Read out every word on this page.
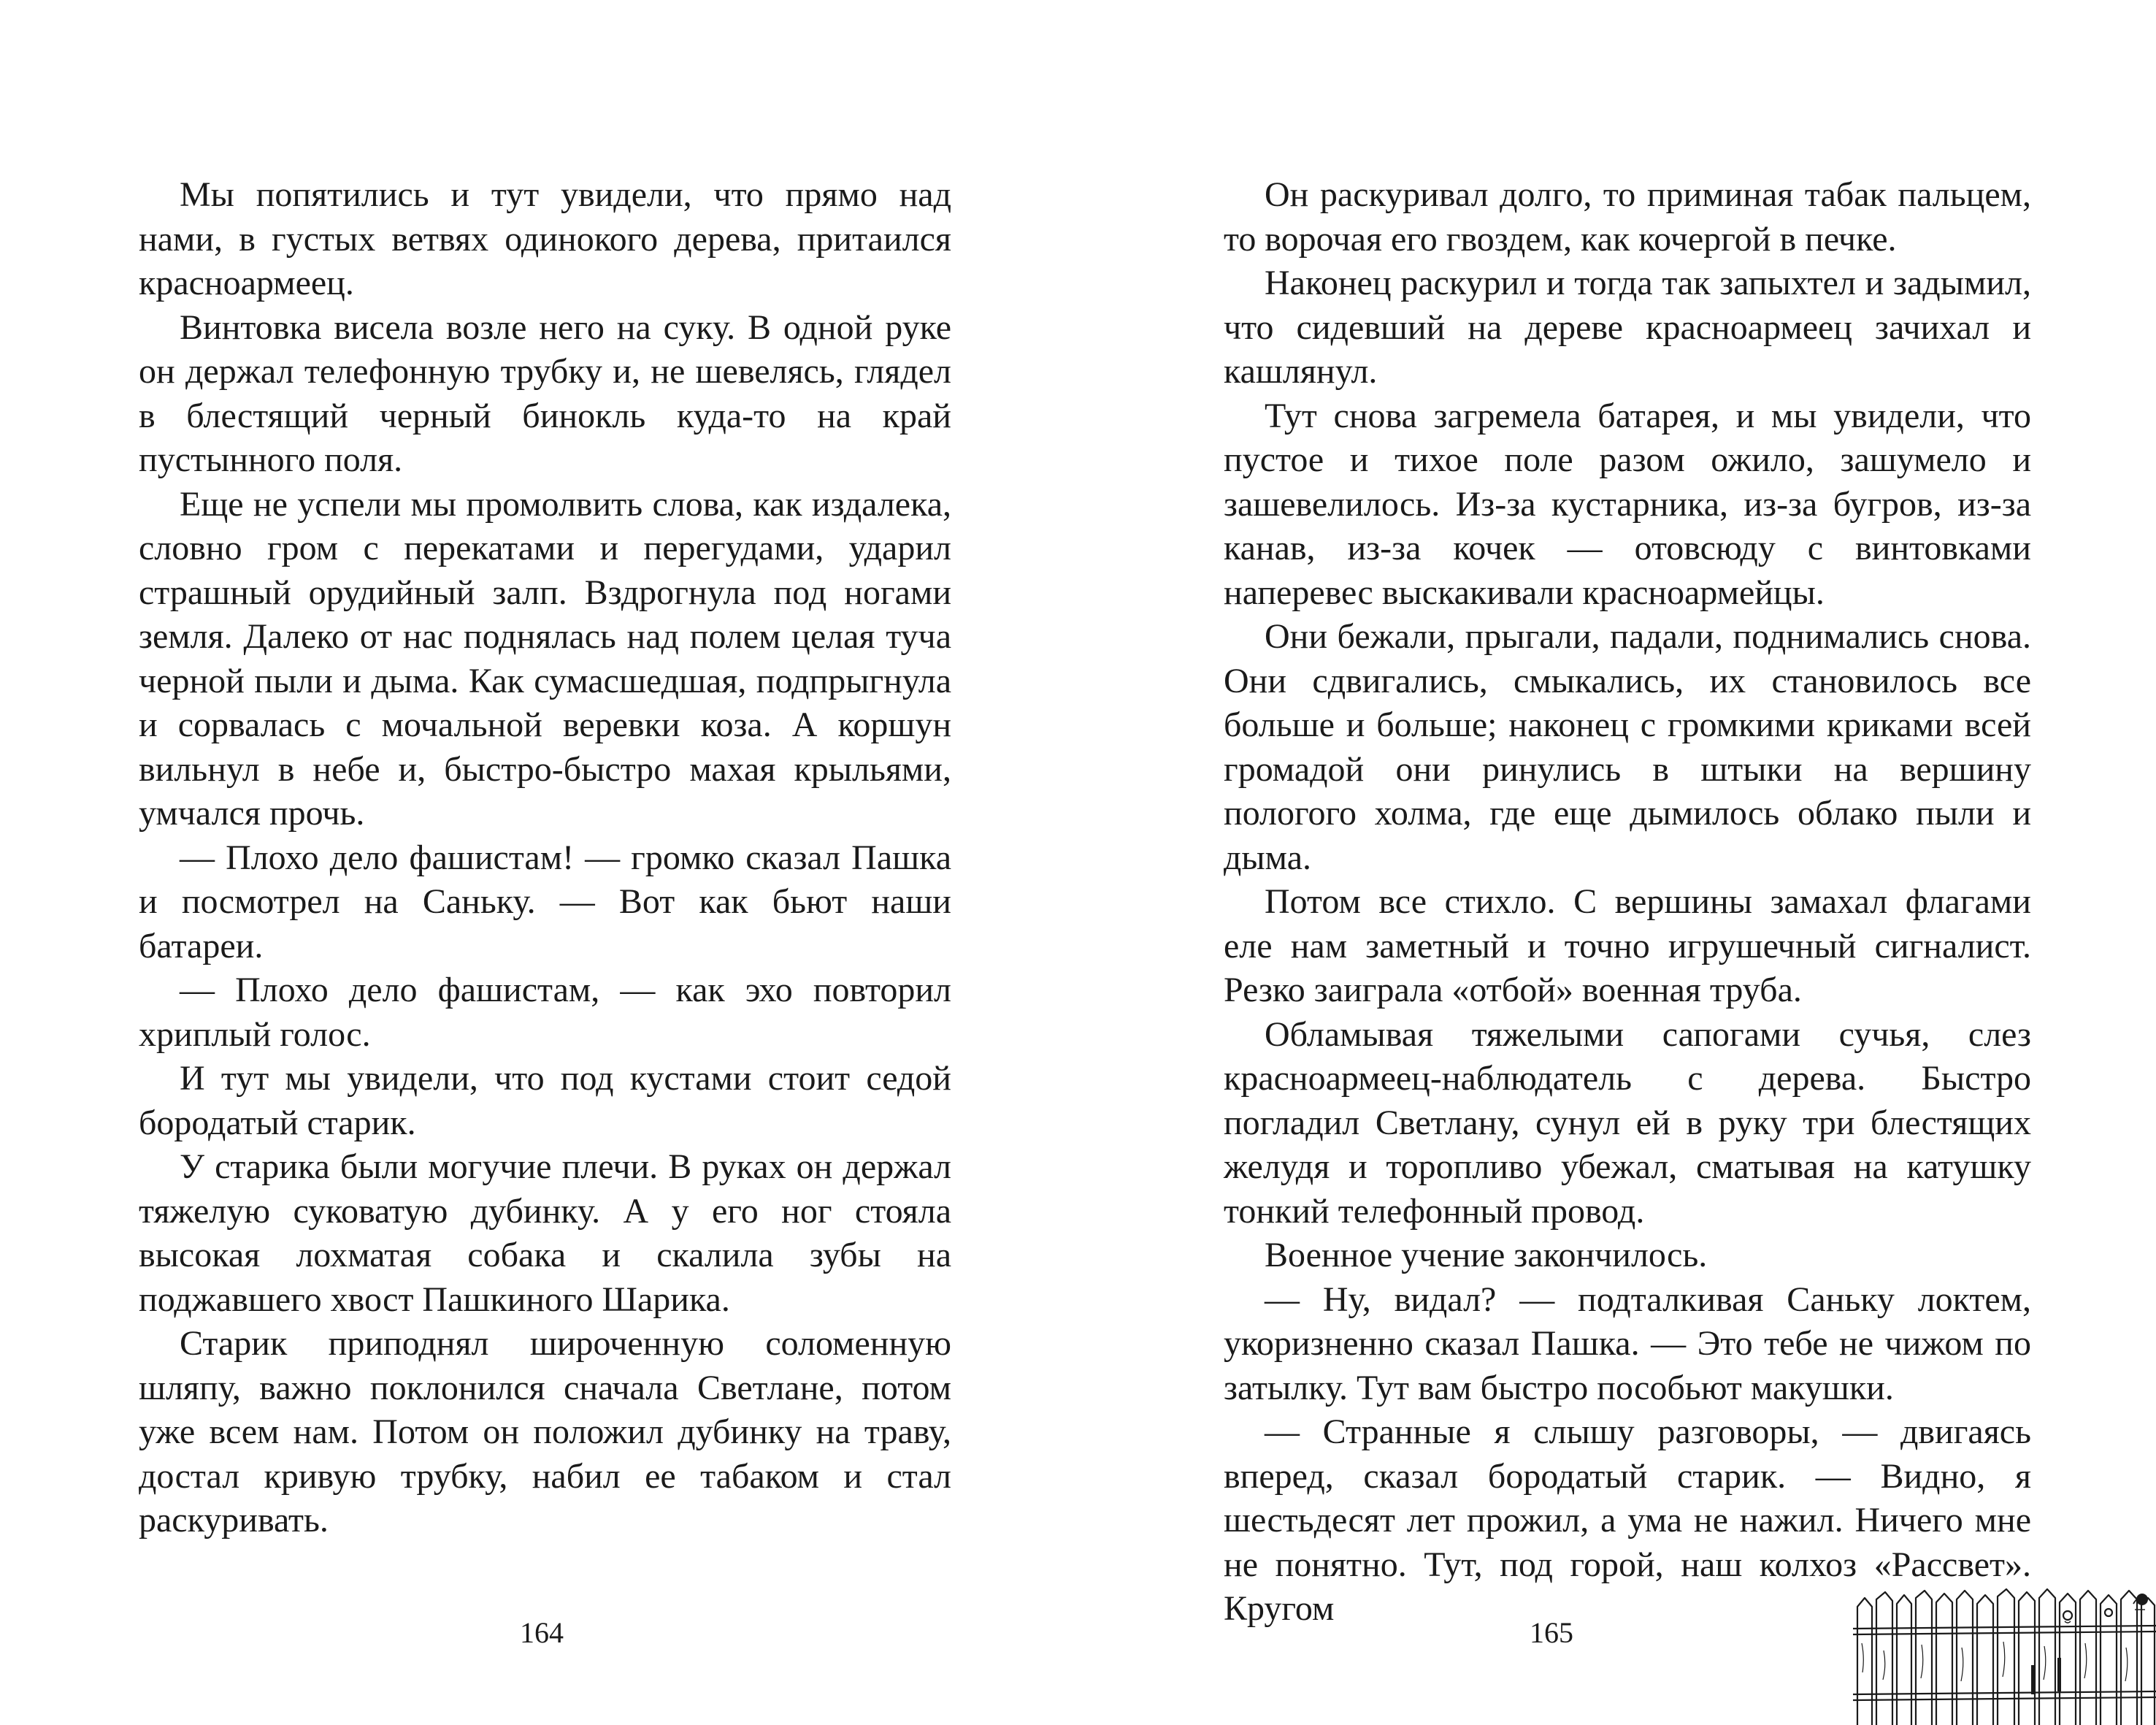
Мы попятились и тут увидели, что прямо над нами, в густых ветвях одинокого дерева, притаился красноармеец.

Винтовка висела возле него на суку. В одной руке он держал телефонную трубку и, не шевелясь, глядел в блестящий черный бинокль куда-то на край пустынного поля.

Еще не успели мы промолвить слова, как издалека, словно гром с перекатами и перегудами, ударил страшный орудийный залп. Вздрогнула под ногами земля. Далеко от нас поднялась над полем целая туча черной пыли и дыма. Как сумасшедшая, подпрыгнула и сорвалась с мочальной веревки коза. А коршун вильнул в небе и, быстро-быстро махая крыльями, умчался прочь.

— Плохо дело фашистам! — громко сказал Пашка и посмотрел на Саньку. — Вот как бьют наши батареи.

— Плохо дело фашистам, — как эхо повторил хриплый голос.

И тут мы увидели, что под кустами стоит седой бородатый старик.

У старика были могучие плечи. В руках он держал тяжелую суковатую дубинку. А у его ног стояла высокая лохматая собака и скалила зубы на поджавшего хвост Пашкиного Шарика.

Старик приподнял широченную соломенную шляпу, важно поклонился сначала Светлане, потом уже всем нам. Потом он положил дубинку на траву, достал кривую трубку, набил ее табаком и стал раскуривать.

164

Он раскуривал долго, то приминая табак пальцем, то ворочая его гвоздем, как кочергой в печке.

Наконец раскурил и тогда так запыхтел и задымил, что сидевший на дереве красноармеец зачихал и кашлянул.

Тут снова загремела батарея, и мы увидели, что пустое и тихое поле разом ожило, зашумело и зашевелилось. Из-за кустарника, из-за бугров, из-за канав, из-за кочек — отовсюду с винтовками наперевес выскакивали красноармейцы.

Они бежали, прыгали, падали, поднимались снова. Они сдвигались, смыкались, их становилось все больше и больше; наконец с громкими криками всей громадой они ринулись в штыки на вершину пологого холма, где еще дымилось облако пыли и дыма.

Потом все стихло. С вершины замахал флагами еле нам заметный и точно игрушечный сигналист. Резко заиграла «отбой» военная труба.

Обламывая тяжелыми сапогами сучья, слез красноармеец-наблюдатель с дерева. Быстро погладил Светлану, сунул ей в руку три блестящих желудя и торопливо убежал, сматывая на катушку тонкий телефонный провод.

Военное учение закончилось.

— Ну, видал? — подталкивая Саньку локтем, укоризненно сказал Пашка. — Это тебе не чижом по затылку. Тут вам быстро пособьют макушки.

— Странные я слышу разговоры, — двигаясь вперед, сказал бородатый старик. — Видно, я шестьдесят лет прожил, а ума не нажил. Ничего мне не понятно. Тут, под горой, наш колхоз «Рассвет». Кругом

165
